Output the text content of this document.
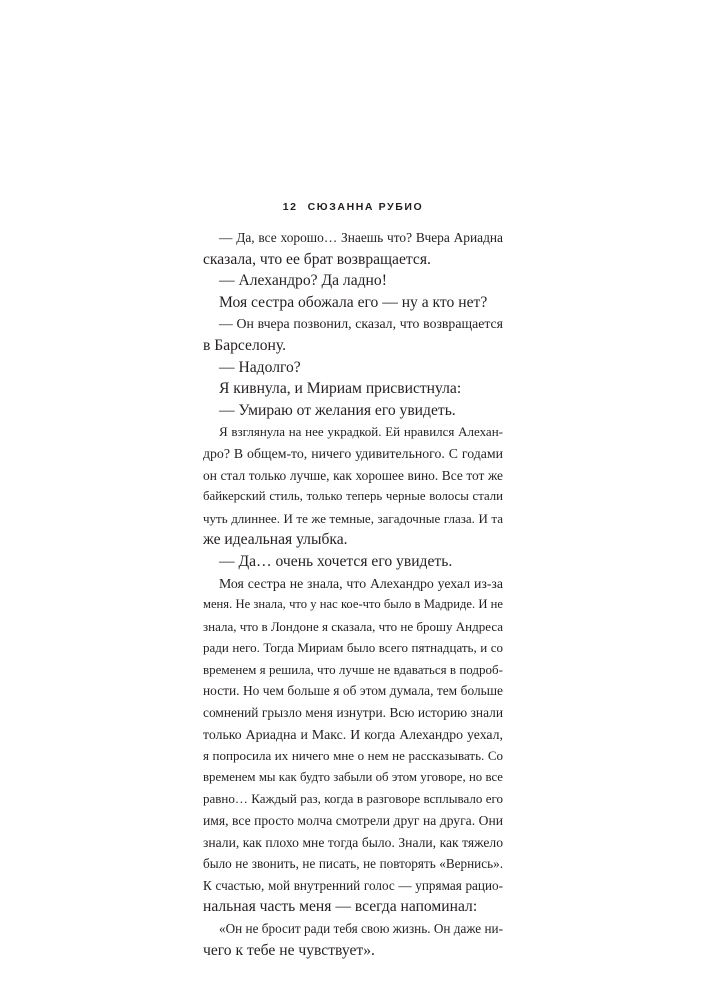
12 СЮЗАННА РУБИО

— Да, все хорошо… Знаешь что? Вчера Ариадна

сказала, что ее брат возвращается.

— Алехандро? Да ладно!

Моя сестра обожала его — ну а кто нет?

— Он вчера позвонил, сказал, что возвращается

в Барселону.

— Надолго?

Я кивнула, и Мириам присвистнула:

— Умираю от желания его увидеть.

Я взглянула на нее украдкой. Ей нравился Алехан-

дро? В общем-то, ничего удивительного. С годами

он стал только лучше, как хорошее вино. Все тот же

байкерский стиль, только теперь черные волосы стали

чуть длиннее. И те же темные, загадочные глаза. И та

же идеальная улыбка.

— Да… очень хочется его увидеть.

Моя сестра не знала, что Алехандро уехал из-за

меня. Не знала, что у нас кое-что было в Мадриде. И не

знала, что в Лондоне я сказала, что не брошу Андреса

ради него. Тогда Мириам было всего пятнадцать, и со

временем я решила, что лучше не вдаваться в подроб-

ности. Но чем больше я об этом думала, тем больше

сомнений грызло меня изнутри. Всю историю знали

только Ариадна и Макс. И когда Алехандро уехал,

я попросила их ничего мне о нем не рассказывать. Со

временем мы как будто забыли об этом уговоре, но все

равно… Каждый раз, когда в разговоре всплывало его

имя, все просто молча смотрели друг на друга. Они

знали, как плохо мне тогда было. Знали, как тяжело

было не звонить, не писать, не повторять «Вернись».

К счастью, мой внутренний голос — упрямая рацио-

нальная часть меня — всегда напоминал:

«Он не бросит ради тебя свою жизнь. Он даже ни-

чего к тебе не чувствует».
